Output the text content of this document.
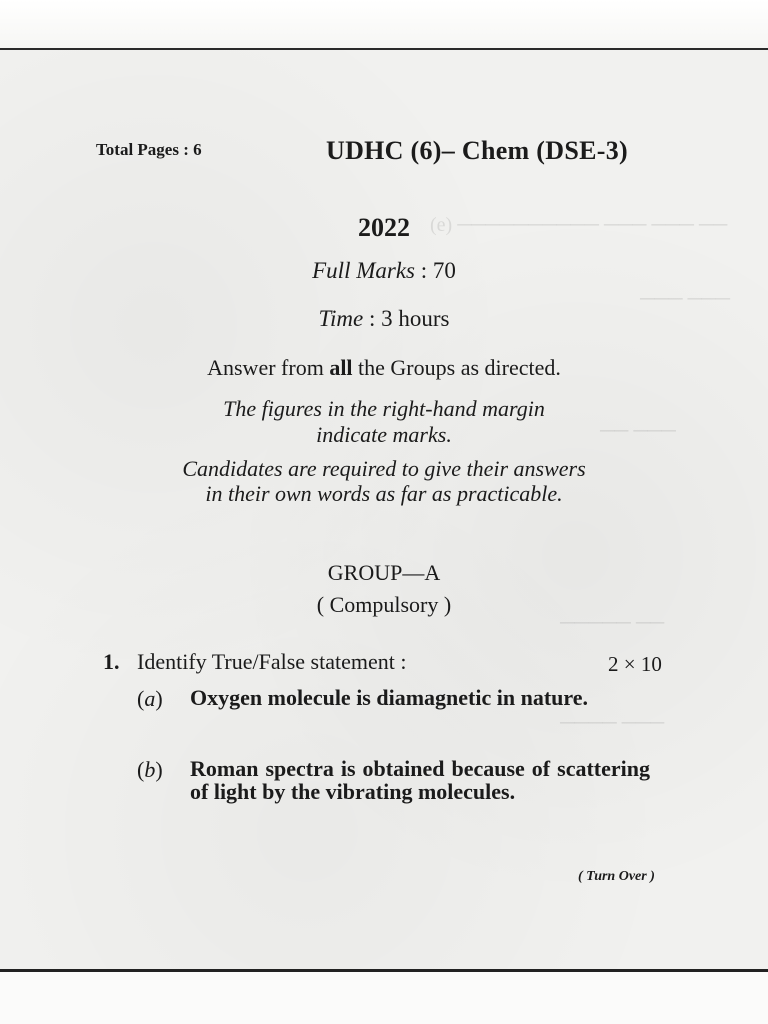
(e) ────────── ─── ─── ──
─── ───
── ───
───── ──
──── ───
Total Pages : 6	UDHC (6)– Chem (DSE-3)
2022
Full Marks : 70
Time : 3 hours
Answer from all the Groups as directed.
The figures in the right-hand margin
indicate marks.
Candidates are required to give their answers
in their own words as far as practicable.
GROUP—A
( Compulsory )
1. Identify True/False statement :	2 × 10
(a) Oxygen molecule is diamagnetic in nature.
(b) Roman spectra is obtained because of scattering of light by the vibrating molecules.
( Turn Over )
